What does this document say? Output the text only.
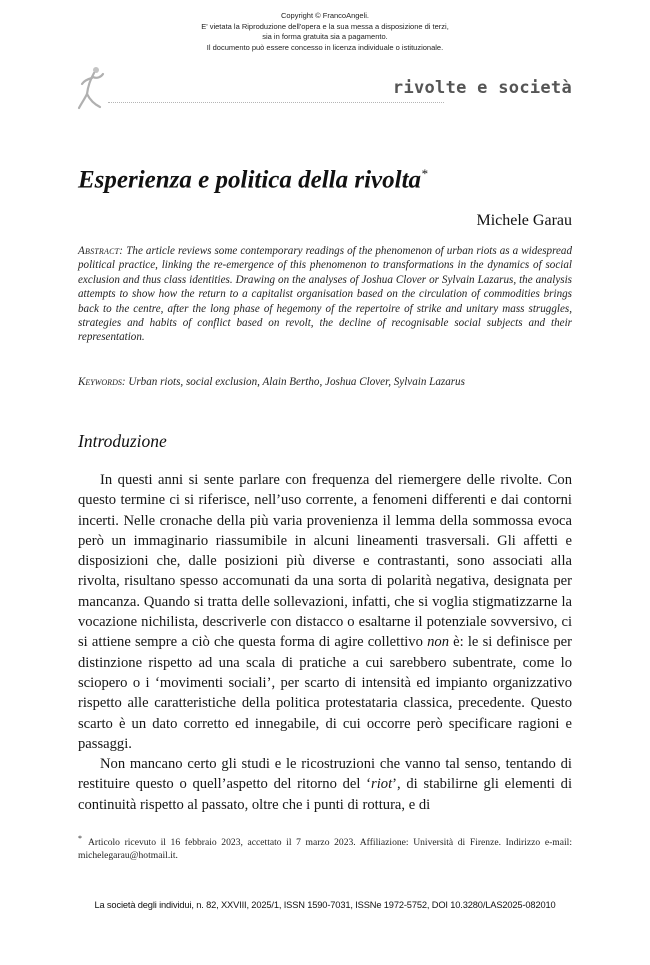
Copyright © FrancoAngeli.
E' vietata la Riproduzione dell'opera e la sua messa a disposizione di terzi,
sia in forma gratuita sia a pagamento.
Il documento può essere concesso in licenza individuale o istituzionale.
rivolte e società
Esperienza e politica della rivolta*
Michele Garau

Abstract: The article reviews some contemporary readings of the phenomenon of urban riots as a widespread political practice, linking the re-emergence of this phenomenon to transformations in the dynamics of social exclusion and thus class identities. Drawing on the analyses of Joshua Clover or Sylvain Lazarus, the analysis attempts to show how the return to a capitalist organisation based on the circulation of commodities brings back to the centre, after the long phase of hegemony of the repertoire of strike and unitary mass struggles, strategies and habits of conflict based on revolt, the decline of recognisable social subjects and their representation.

Keywords: Urban riots, social exclusion, Alain Bertho, Joshua Clover, Sylvain Lazarus
Introduzione

In questi anni si sente parlare con frequenza del riemergere delle rivolte. Con questo termine ci si riferisce, nell’uso corrente, a fenomeni differenti e dai contorni incerti. Nelle cronache della più varia provenienza il lemma della sommossa evoca però un immaginario riassumibile in alcuni lineamenti trasversali. Gli affetti e disposizioni che, dalle posizioni più diverse e contrastanti, sono associati alla rivolta, risultano spesso accomunati da una sorta di polarità negativa, designata per mancanza. Quando si tratta delle sollevazioni, infatti, che si voglia stigmatizzarne la vocazione nichilista, descriverle con distacco o esaltarne il potenziale sovversivo, ci si attiene sempre a ciò che questa forma di agire collettivo non è: le si definisce per distinzione rispetto ad una scala di pratiche a cui sarebbero subentrate, come lo sciopero o i ‘movimenti sociali’, per scarto di intensità ed impianto organizzativo rispetto alle caratteristiche della politica protestataria classica, precedente. Questo scarto è un dato corretto ed innegabile, di cui occorre però specificare ragioni e passaggi.

Non mancano certo gli studi e le ricostruzioni che vanno tal senso, tentando di restituire questo o quell’aspetto del ritorno del ‘riot’, di stabilirne gli elementi di continuità rispetto al passato, oltre che i punti di rottura, e di

* Articolo ricevuto il 16 febbraio 2023, accettato il 7 marzo 2023. Affiliazione: Università di Firenze. Indirizzo e-mail: michelegarau@hotmail.it.
La società degli individui, n. 82, XXVIII, 2025/1, ISSN 1590-7031, ISSNe 1972-5752, DOI 10.3280/LAS2025-082010
